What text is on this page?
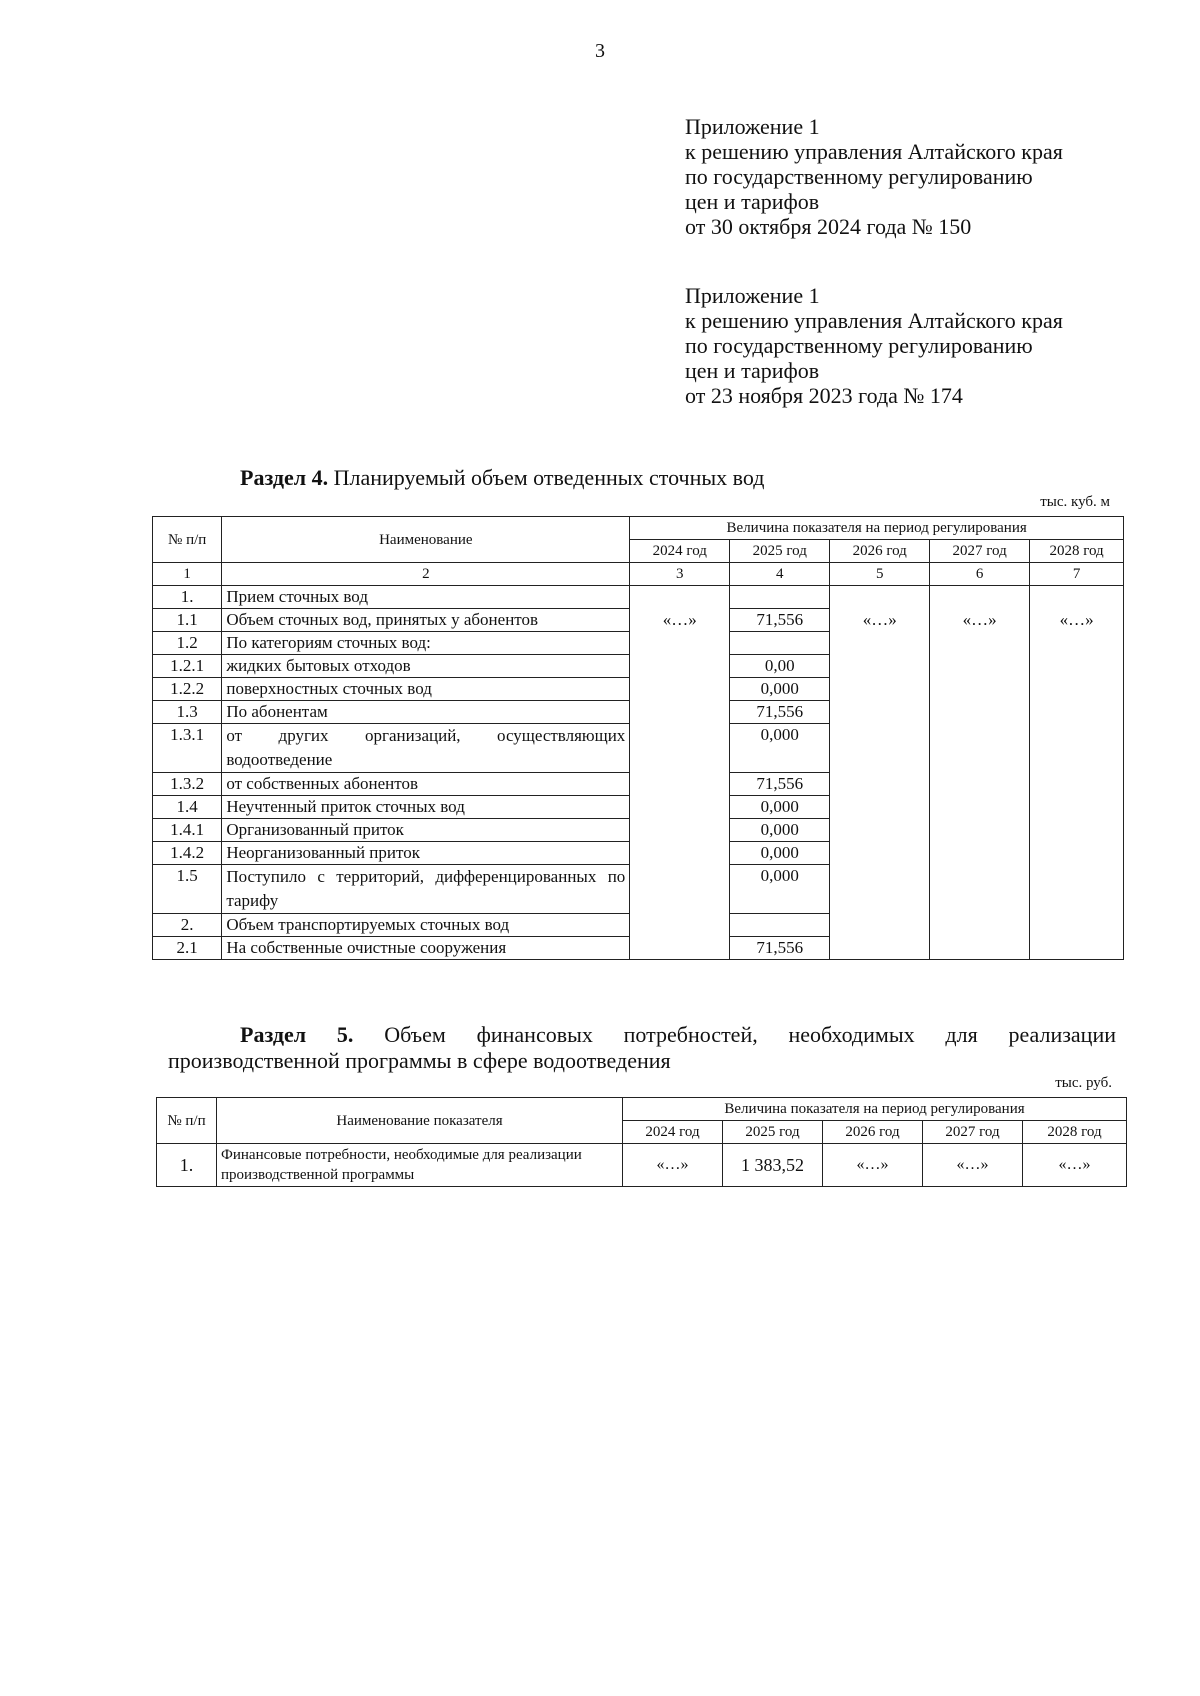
3
Приложение 1
к решению управления Алтайского края
по государственному регулированию
цен и тарифов
от 30 октября 2024 года № 150
Приложение 1
к решению управления Алтайского края
по государственному регулированию
цен и тарифов
от 23 ноября 2023 года № 174
Раздел 4. Планируемый объем отведенных сточных вод
тыс. куб. м
№ п/п	Наименование	Величина показателя на период регулирования				
		2024 год	2025 год	2026 год	2027 год	2028 год
1	2	3	4	5	6	7
1.	Прием сточных вод					
1.1	Объем сточных вод, принятых у абонентов	«…»	71,556	«…»	«…»	«…»
1.2	По категориям сточных вод:					
1.2.1	жидких бытовых отходов		0,00			
1.2.2	поверхностных сточных вод		0,000			
1.3	По абонентам		71,556			
1.3.1	от других организаций, осуществляющих водоотведение		0,000			
1.3.2	от собственных абонентов		71,556			
1.4	Неучтенный приток сточных вод		0,000			
1.4.1	Организованный приток		0,000			
1.4.2	Неорганизованный приток		0,000			
1.5	Поступило с территорий, дифференцированных по тарифу		0,000			
2.	Объем транспортируемых сточных вод					
2.1	На собственные очистные сооружения		71,556			
Раздел 5. Объем финансовых потребностей, необходимых для реализации производственной программы в сфере водоотведения
тыс. руб.
№ п/п	Наименование показателя	Величина показателя на период регулирования				
		2024 год	2025 год	2026 год	2027 год	2028 год
1.	Финансовые потребности, необходимые для реализации производственной программы	«…»	1 383,52	«…»	«…»	«…»
